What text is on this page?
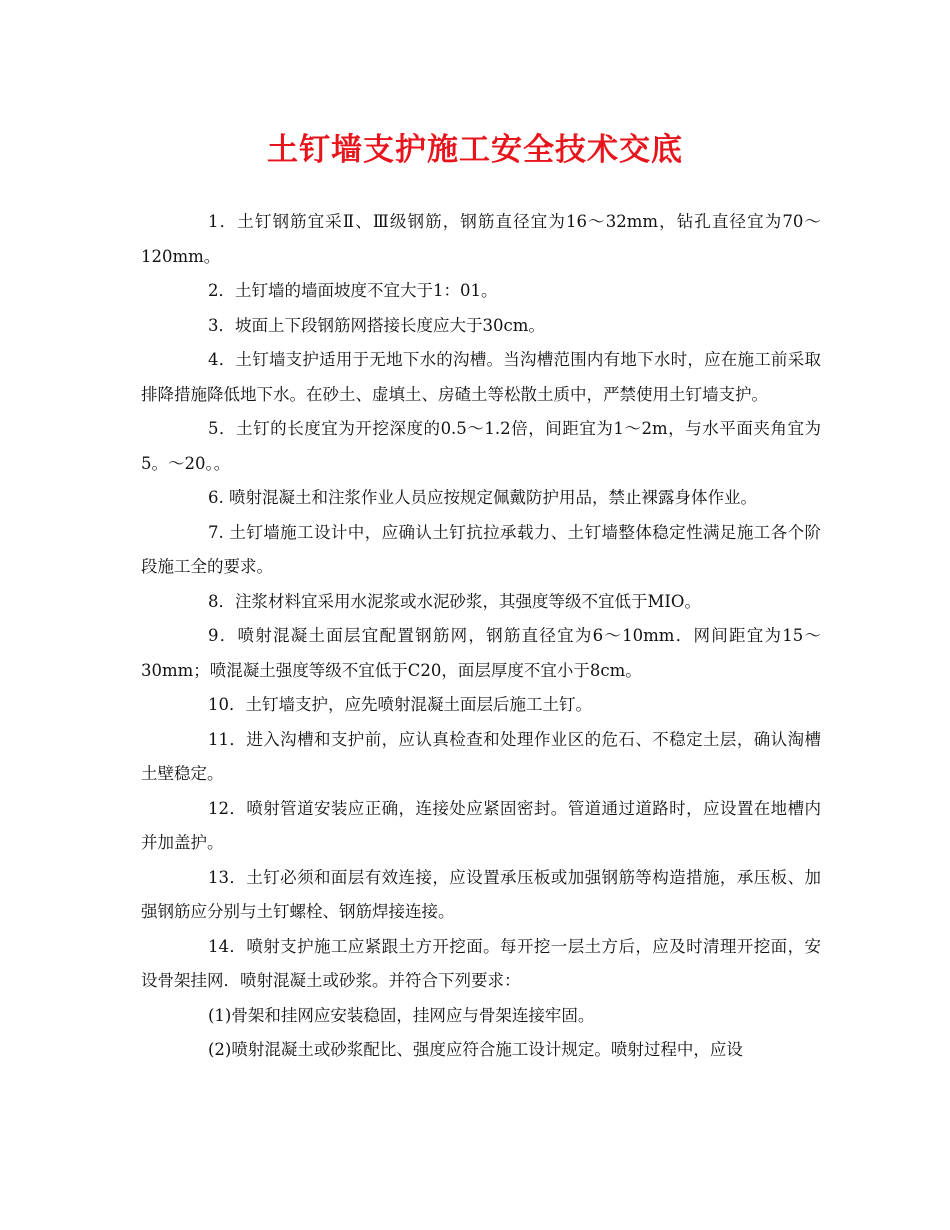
土钉墙支护施工安全技术交底

1．土钉钢筋宜采Ⅱ、Ⅲ级钢筋，钢筋直径宜为16～32mm，钻孔直径宜为70～120mm。

2．土钉墙的墙面坡度不宜大于1：01。

3．坡面上下段钢筋网搭接长度应大于30cm。

4．土钉墙支护适用于无地下水的沟槽。当沟槽范围内有地下水时，应在施工前采取排降措施降低地下水。在砂土、虚填土、房碴土等松散土质中，严禁使用土钉墙支护。

5．土钉的长度宜为开挖深度的0.5～1.2倍，间距宜为1～2m，与水平面夹角宜为5。～20。。

6. 喷射混凝土和注浆作业人员应按规定佩戴防护用品，禁止裸露身体作业。

7. 土钉墙施工设计中，应确认土钉抗拉承载力、土钉墙整体稳定性满足施工各个阶段施工全的要求。

8．注浆材料宜采用水泥浆或水泥砂浆，其强度等级不宜低于MIO。

9．喷射混凝土面层宜配置钢筋网，钢筋直径宜为6～10mm．网间距宜为15～30mm；喷混凝土强度等级不宜低于C20，面层厚度不宜小于8cm。

10．土钉墙支护，应先喷射混凝土面层后施工土钉。

11．进入沟槽和支护前，应认真检查和处理作业区的危石、不稳定土层，确认淘槽土壁稳定。

12．喷射管道安装应正确，连接处应紧固密封。管道通过道路时，应设置在地槽内并加盖护。

13．土钉必须和面层有效连接，应设置承压板或加强钢筋等构造措施，承压板、加强钢筋应分别与土钉螺栓、钢筋焊接连接。

14．喷射支护施工应紧跟土方开挖面。每开挖一层土方后，应及时清理开挖面，安设骨架挂网．喷射混凝土或砂浆。并符合下列要求：

(1)骨架和挂网应安装稳固，挂网应与骨架连接牢固。

(2)喷射混凝土或砂浆配比、强度应符合施工设计规定。喷射过程中，应设
